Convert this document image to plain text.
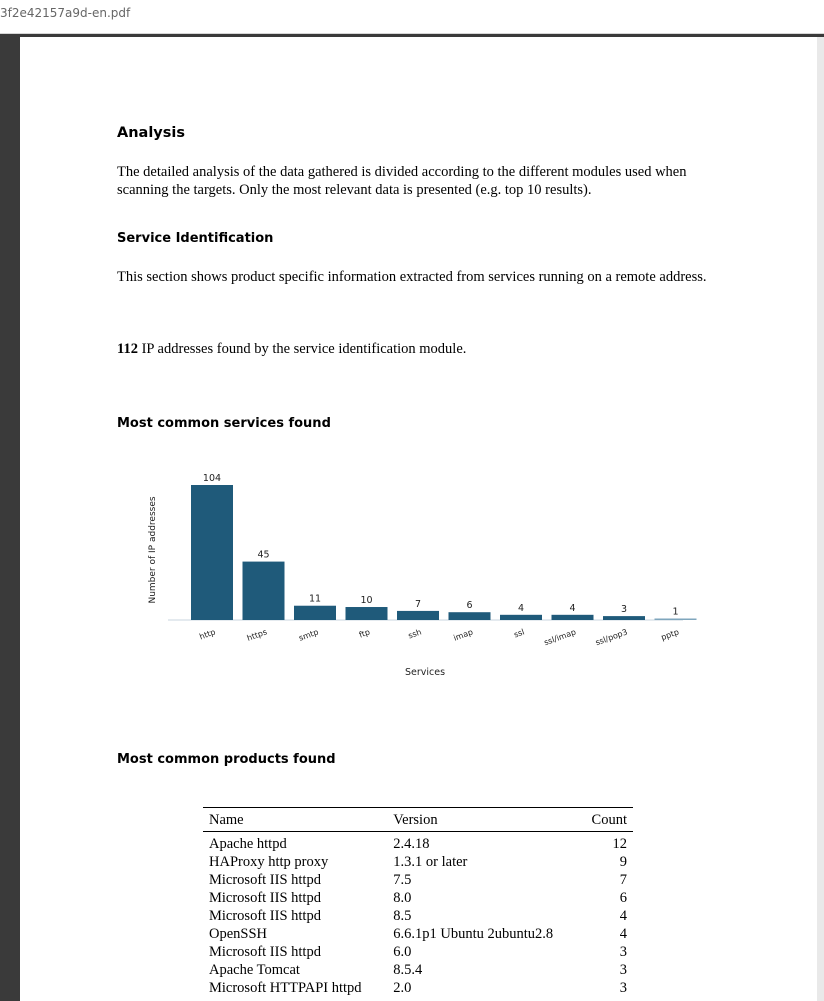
3f2e42157a9d-en.pdf
Analysis
The detailed analysis of the data gathered is divided according to the different modules used when scanning the targets. Only the most relevant data is presented (e.g. top 10 results).
Service Identification
This section shows product specific information extracted from services running on a remote address.
112 IP addresses found by the service identification module.
Most common services found
104
http
45
https
11
smtp
10
ftp
7
ssh
6
imap
4
ssl
4
ssl/imap
3
ssl/pop3
1
pptp
Number of IP addresses
Services
Most common products found
Name	Version	Count
Apache httpd	2.4.18	12
HAProxy http proxy	1.3.1 or later	9
Microsoft IIS httpd	7.5	7
Microsoft IIS httpd	8.0	6
Microsoft IIS httpd	8.5	4
OpenSSH	6.6.1p1 Ubuntu 2ubuntu2.8	4
Microsoft IIS httpd	6.0	3
Apache Tomcat	8.5.4	3
Microsoft HTTPAPI httpd	2.0	3
